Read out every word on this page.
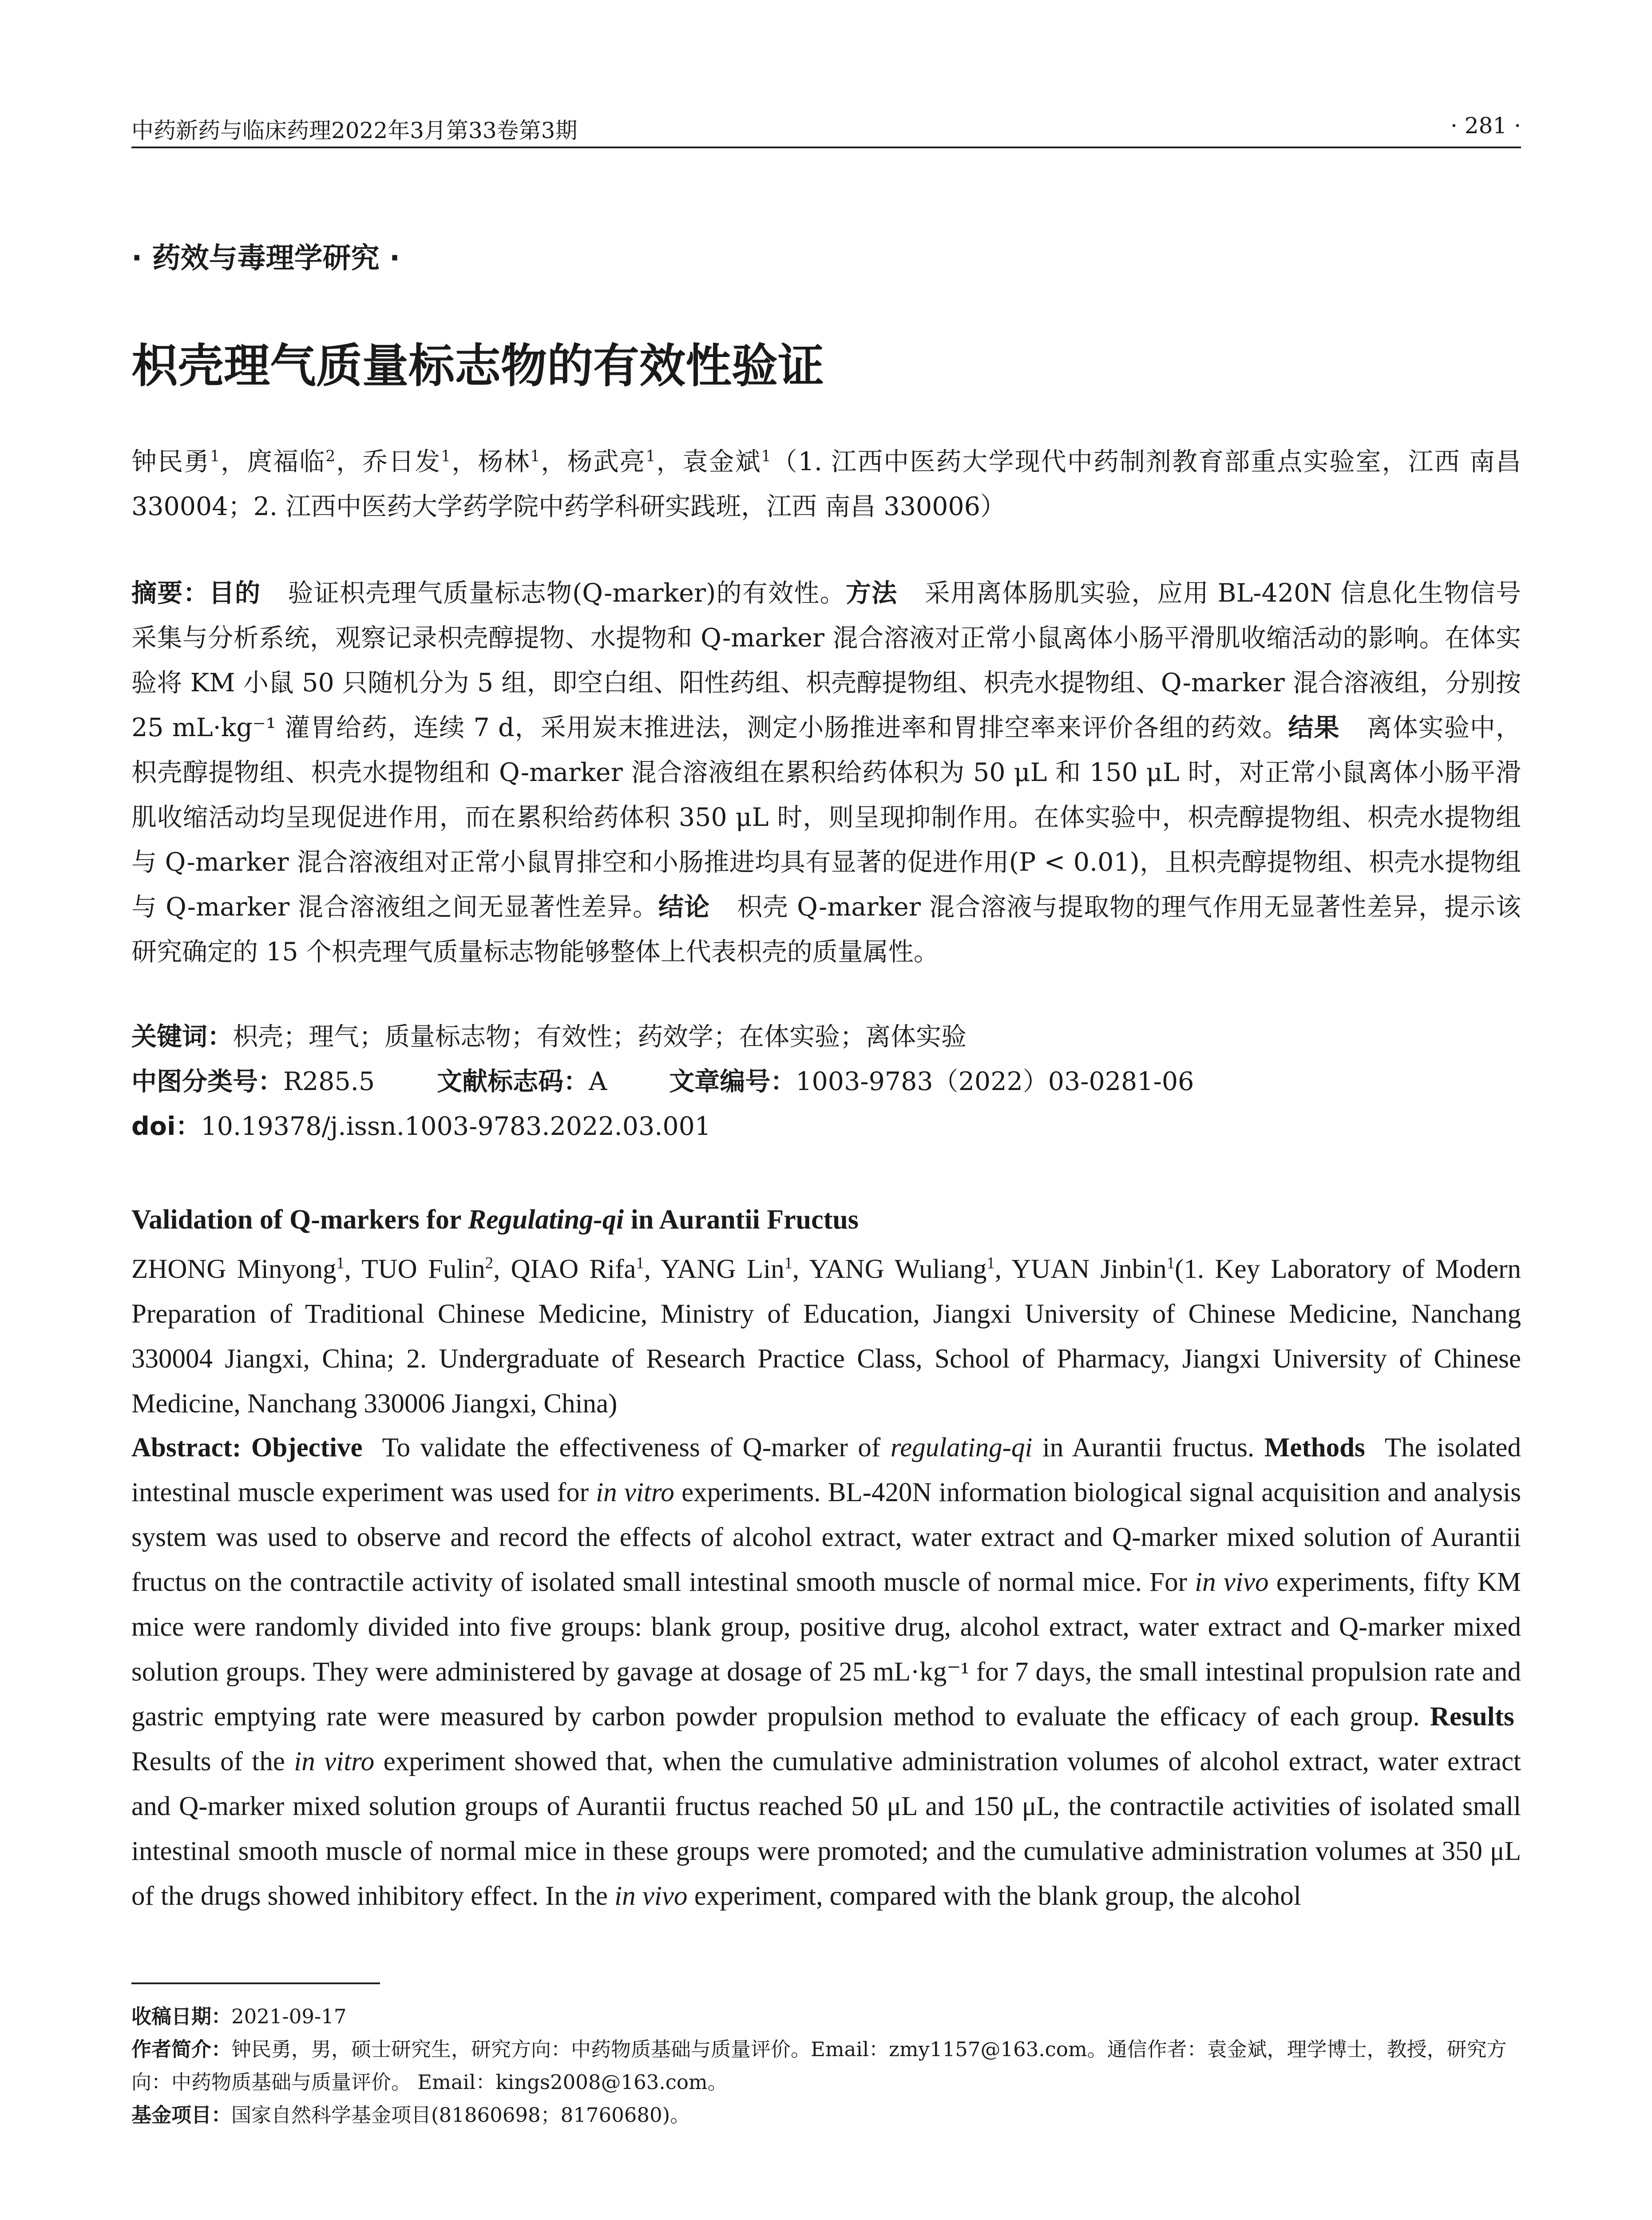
中药新药与临床药理2022年3月第33卷第3期	· 281 ·
· 药效与毒理学研究 ·
枳壳理气质量标志物的有效性验证
钟民勇$^1$，庹福临$^2$，乔日发$^1$，杨林$^1$，杨武亮$^1$，袁金斌$^1$（1. 江西中医药大学现代中药制剂教育部重点实验室，江西 南昌 330004；2. 江西中医药大学药学院中药学科研实践班，江西 南昌 330006）
摘要：目的 验证枳壳理气质量标志物(Q-marker)的有效性。方法 采用离体肠肌实验，应用 BL-420N 信息化生物信号采集与分析系统，观察记录枳壳醇提物、水提物和 Q-marker 混合溶液对正常小鼠离体小肠平滑肌收缩活动的影响。在体实验将 KM 小鼠 50 只随机分为 5 组，即空白组、阳性药组、枳壳醇提物组、枳壳水提物组、Q-marker 混合溶液组，分别按 25 mL·kg⁻¹ 灌胃给药，连续 7 d，采用炭末推进法，测定小肠推进率和胃排空率来评价各组的药效。结果 离体实验中，枳壳醇提物组、枳壳水提物组和 Q-marker 混合溶液组在累积给药体积为 50 μL 和 150 μL 时，对正常小鼠离体小肠平滑肌收缩活动均呈现促进作用，而在累积给药体积 350 μL 时，则呈现抑制作用。在体实验中，枳壳醇提物组、枳壳水提物组与 Q-marker 混合溶液组对正常小鼠胃排空和小肠推进均具有显著的促进作用(P < 0.01)，且枳壳醇提物组、枳壳水提物组与 Q-marker 混合溶液组之间无显著性差异。结论 枳壳 Q-marker 混合溶液与提取物的理气作用无显著性差异，提示该研究确定的 15 个枳壳理气质量标志物能够整体上代表枳壳的质量属性。
关键词：枳壳；理气；质量标志物；有效性；药效学；在体实验；离体实验
中图分类号：R285.5 文献标志码：A 文章编号：1003-9783（2022）03-0281-06
doi：10.19378/j.issn.1003-9783.2022.03.001
Validation of Q-markers for Regulating-qi in Aurantii Fructus
ZHONG Minyong$^1$, TUO Fulin$^2$, QIAO Rifa$^1$, YANG Lin$^1$, YANG Wuliang$^1$, YUAN Jinbin$^1$(1. Key Laboratory of Modern Preparation of Traditional Chinese Medicine, Ministry of Education, Jiangxi University of Chinese Medicine, Nanchang 330004 Jiangxi, China; 2. Undergraduate of Research Practice Class, School of Pharmacy, Jiangxi University of Chinese Medicine, Nanchang 330006 Jiangxi, China)
Abstract: Objective To validate the effectiveness of Q-marker of regulating-qi in Aurantii fructus. Methods The isolated intestinal muscle experiment was used for in vitro experiments. BL-420N information biological signal acquisition and analysis system was used to observe and record the effects of alcohol extract, water extract and Q-marker mixed solution of Aurantii fructus on the contractile activity of isolated small intestinal smooth muscle of normal mice. For in vivo experiments, fifty KM mice were randomly divided into five groups: blank group, positive drug, alcohol extract, water extract and Q-marker mixed solution groups. They were administered by gavage at dosage of 25 mL·kg⁻¹ for 7 days, the small intestinal propulsion rate and gastric emptying rate were measured by carbon powder propulsion method to evaluate the efficacy of each group. Results  Results of the in vitro experiment showed that, when the cumulative administration volumes of alcohol extract, water extract and Q-marker mixed solution groups of Aurantii fructus reached 50 μL and 150 μL, the contractile activities of isolated small intestinal smooth muscle of normal mice in these groups were promoted; and the cumulative administration volumes at 350 μL of the drugs showed inhibitory effect. In the in vivo experiment, compared with the blank group, the alcohol
收稿日期：2021-09-17
作者简介：钟民勇，男，硕士研究生，研究方向：中药物质基础与质量评价。Email：zmy1157@163.com。通信作者：袁金斌，理学博士，教授，研究方向：中药物质基础与质量评价。 Email：kings2008@163.com。
基金项目：国家自然科学基金项目(81860698；81760680)。
